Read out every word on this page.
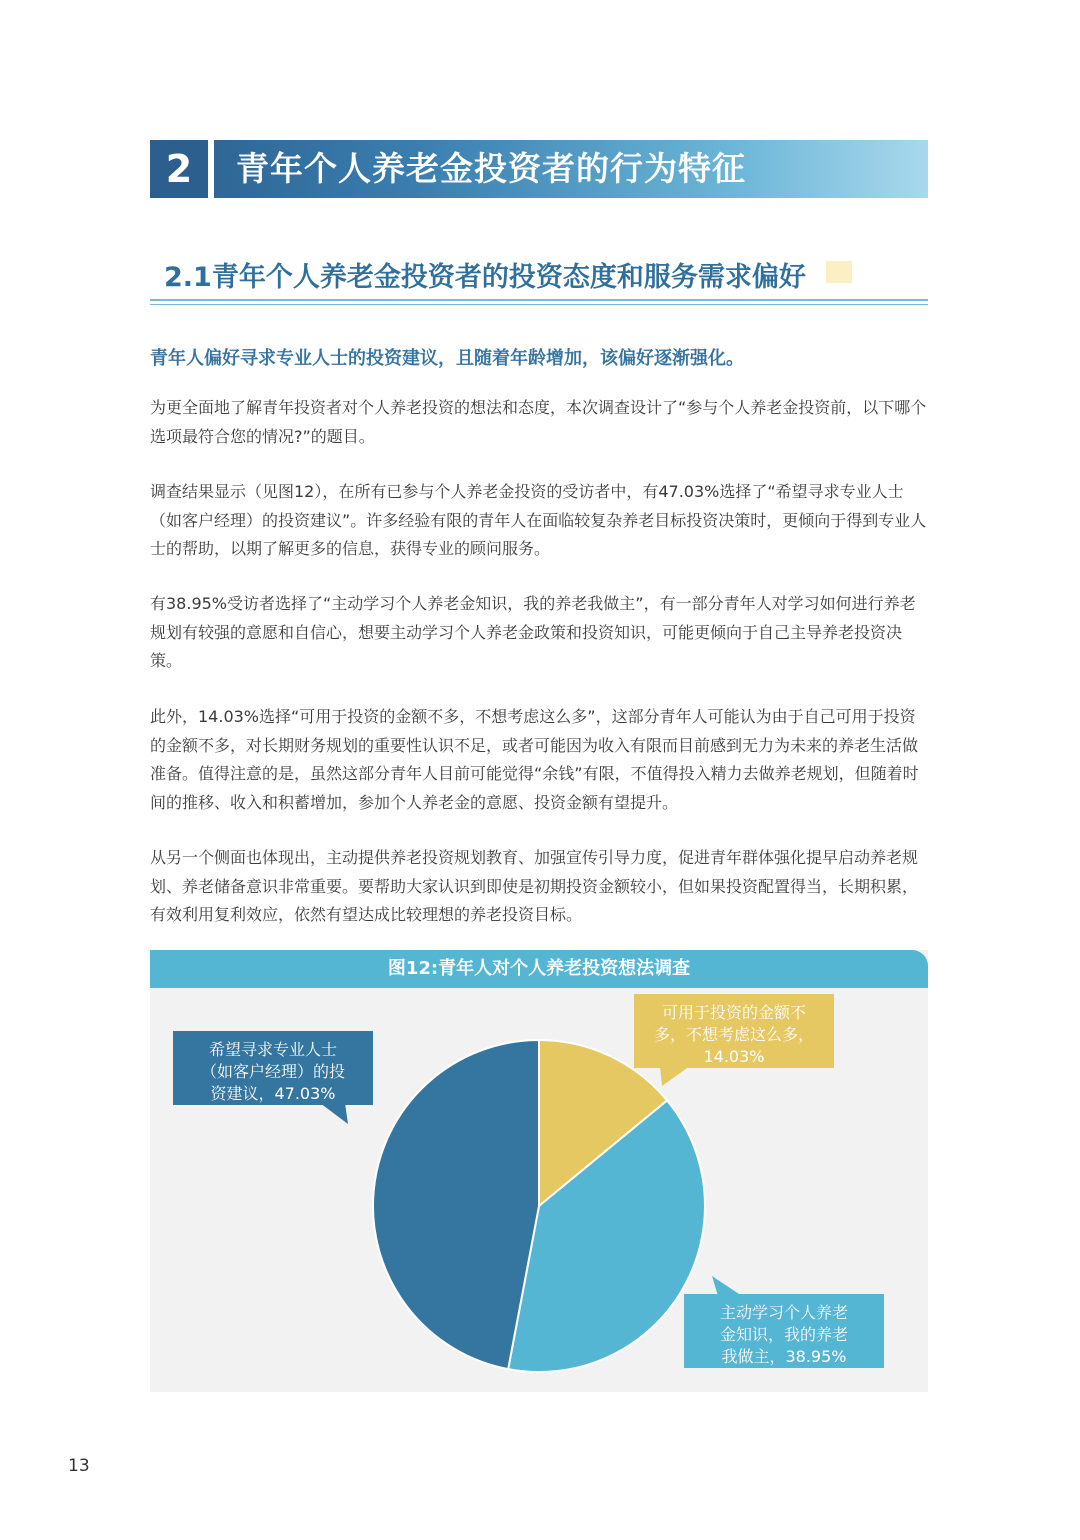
2	青年个人养老金投资者的行为特征
2.1青年个人养老金投资者的投资态度和服务需求偏好
青年人偏好寻求专业人士的投资建议，且随着年龄增加，该偏好逐渐强化。

为更全面地了解青年投资者对个人养老投资的想法和态度，本次调查设计了“参与个人养老金投资前，以下哪个选项最符合您的情况?”的题目。

调查结果显示（见图12），在所有已参与个人养老金投资的受访者中，有47.03%选择了“希望寻求专业人士（如客户经理）的投资建议”。许多经验有限的青年人在面临较复杂养老目标投资决策时，更倾向于得到专业人士的帮助，以期了解更多的信息，获得专业的顾问服务。

有38.95%受访者选择了“主动学习个人养老金知识，我的养老我做主”，有一部分青年人对学习如何进行养老规划有较强的意愿和自信心，想要主动学习个人养老金政策和投资知识，可能更倾向于自己主导养老投资决策。

此外，14.03%选择“可用于投资的金额不多，不想考虑这么多”，这部分青年人可能认为由于自己可用于投资的金额不多，对长期财务规划的重要性认识不足，或者可能因为收入有限而目前感到无力为未来的养老生活做准备。值得注意的是，虽然这部分青年人目前可能觉得“余钱”有限，不值得投入精力去做养老规划，但随着时间的推移、收入和积蓄增加，参加个人养老金的意愿、投资金额有望提升。

从另一个侧面也体现出，主动提供养老投资规划教育、加强宣传引导力度，促进青年群体强化提早启动养老规划、养老储备意识非常重要。要帮助大家认识到即使是初期投资金额较小，但如果投资配置得当，长期积累，有效利用复利效应，依然有望达成比较理想的养老投资目标。

图12:青年人对个人养老投资想法调查
可用于投资的金额不
多，不想考虑这么多，
14.03%
主动学习个人养老
金知识，我的养老
我做主，38.95%
希望寻求专业人士
（如客户经理）的投
资建议，47.03%
13
